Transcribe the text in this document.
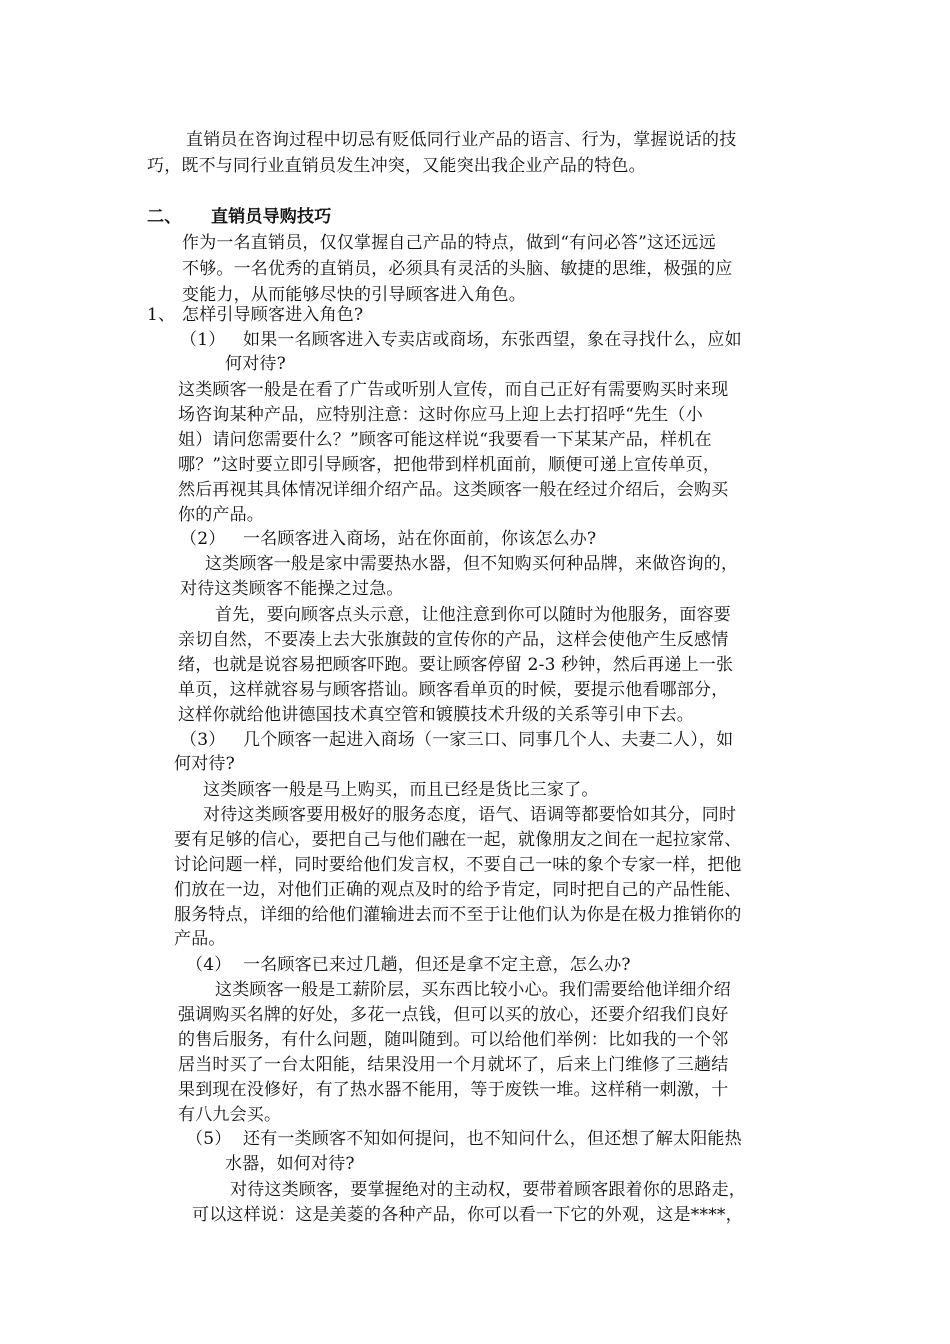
直销员在咨询过程中切忌有贬低同行业产品的语言、行为，掌握说话的技
巧，既不与同行业直销员发生冲突，又能突出我企业产品的特色。
二、 直销员导购技巧
作为一名直销员，仅仅掌握自己产品的特点，做到“有问必答”这还远远
不够。一名优秀的直销员，必须具有灵活的头脑、敏捷的思维，极强的应
变能力，从而能够尽快的引导顾客进入角色。
1、 怎样引导顾客进入角色?
（1） 如果一名顾客进入专卖店或商场，东张西望，象在寻找什么，应如
何对待?
这类顾客一般是在看了广告或听别人宣传，而自己正好有需要购买时来现
场咨询某种产品，应特别注意：这时你应马上迎上去打招呼“先生（小
姐）请问您需要什么？”顾客可能这样说“我要看一下某某产品，样机在
哪？”这时要立即引导顾客，把他带到样机面前，顺便可递上宣传单页，
然后再视其具体情况详细介绍产品。这类顾客一般在经过介绍后，会购买
你的产品。
（2） 一名顾客进入商场，站在你面前，你该怎么办?
这类顾客一般是家中需要热水器，但不知购买何种品牌，来做咨询的，
对待这类顾客不能操之过急。
首先，要向顾客点头示意，让他注意到你可以随时为他服务，面容要
亲切自然，不要凑上去大张旗鼓的宣传你的产品，这样会使他产生反感情
绪，也就是说容易把顾客吓跑。要让顾客停留 2-3 秒钟，然后再递上一张
单页，这样就容易与顾客搭讪。顾客看单页的时候，要提示他看哪部分，
这样你就给他讲德国技术真空管和镀膜技术升级的关系等引申下去。
（3） 几个顾客一起进入商场（一家三口、同事几个人、夫妻二人），如
何对待?
这类顾客一般是马上购买，而且已经是货比三家了。
对待这类顾客要用极好的服务态度，语气、语调等都要恰如其分，同时
要有足够的信心，要把自己与他们融在一起，就像朋友之间在一起拉家常、
讨论问题一样，同时要给他们发言权，不要自己一味的象个专家一样，把他
们放在一边，对他们正确的观点及时的给予肯定，同时把自己的产品性能、
服务特点，详细的给他们灌输进去而不至于让他们认为你是在极力推销你的
产品。
（4） 一名顾客已来过几趟，但还是拿不定主意，怎么办?
这类顾客一般是工薪阶层，买东西比较小心。我们需要给他详细介绍
强调购买名牌的好处，多花一点钱，但可以买的放心，还要介绍我们良好
的售后服务，有什么问题，随叫随到。可以给他们举例：比如我的一个邻
居当时买了一台太阳能，结果没用一个月就坏了，后来上门维修了三趟结
果到现在没修好，有了热水器不能用，等于废铁一堆。这样稍一刺激，十
有八九会买。
（5） 还有一类顾客不知如何提问，也不知问什么，但还想了解太阳能热
水器，如何对待?
对待这类顾客，要掌握绝对的主动权，要带着顾客跟着你的思路走，
可以这样说：这是美菱的各种产品，你可以看一下它的外观，这是****，
